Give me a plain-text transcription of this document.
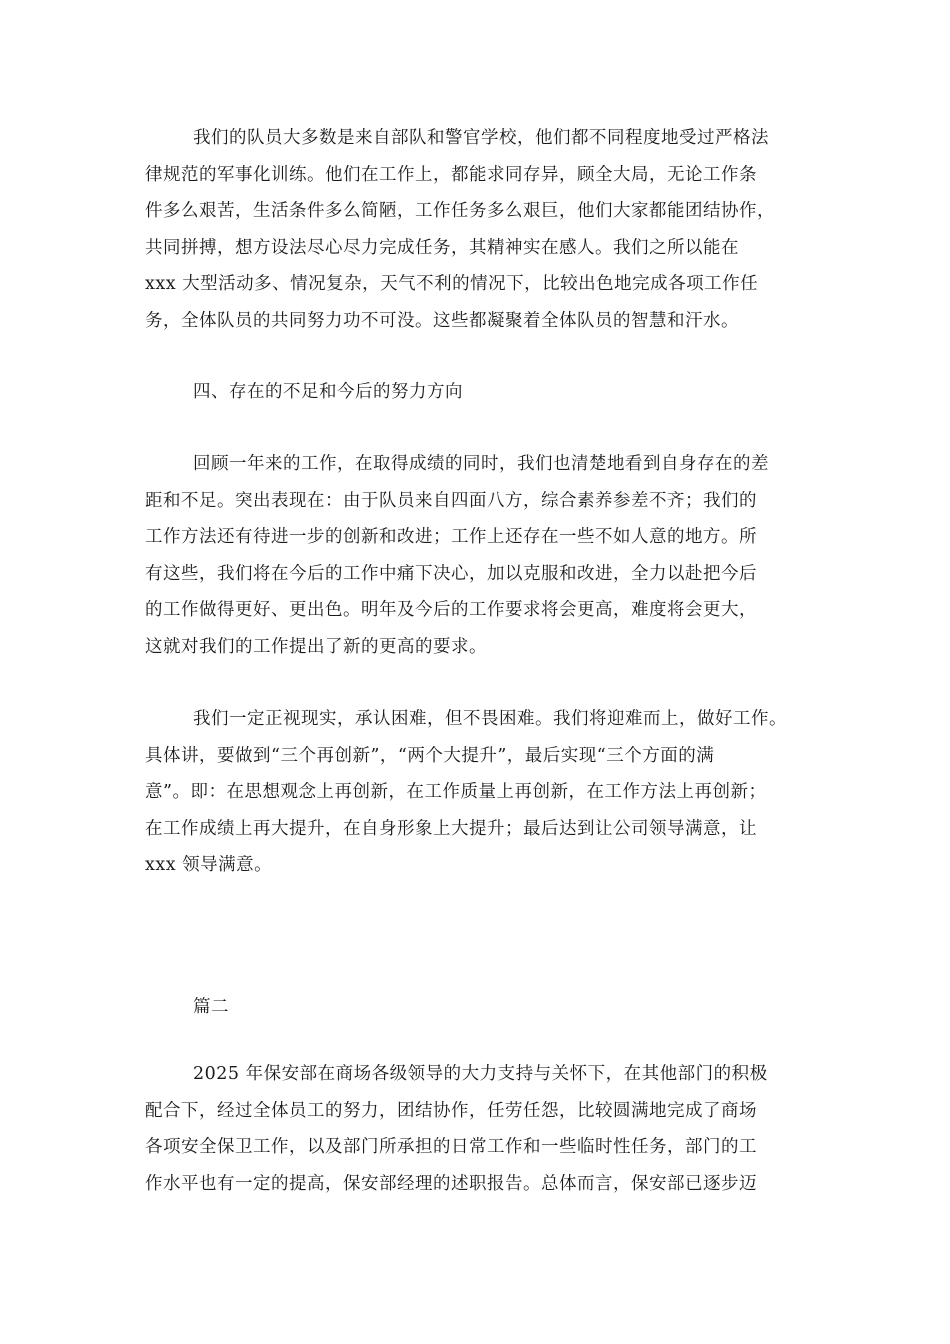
我们的队员大多数是来自部队和警官学校，他们都不同程度地受过严格法
律规范的军事化训练。他们在工作上，都能求同存异，顾全大局，无论工作条
件多么艰苦，生活条件多么简陋，工作任务多么艰巨，他们大家都能团结协作，
共同拼搏，想方设法尽心尽力完成任务，其精神实在感人。我们之所以能在
xxx 大型活动多、情况复杂，天气不利的情况下，比较出色地完成各项工作任
务，全体队员的共同努力功不可没。这些都凝聚着全体队员的智慧和汗水。
四、存在的不足和今后的努力方向
回顾一年来的工作，在取得成绩的同时，我们也清楚地看到自身存在的差
距和不足。突出表现在：由于队员来自四面八方，综合素养参差不齐；我们的
工作方法还有待进一步的创新和改进；工作上还存在一些不如人意的地方。所
有这些，我们将在今后的工作中痛下决心，加以克服和改进，全力以赴把今后
的工作做得更好、更出色。明年及今后的工作要求将会更高，难度将会更大，
这就对我们的工作提出了新的更高的要求。
我们一定正视现实，承认困难，但不畏困难。我们将迎难而上，做好工作。
具体讲，要做到“三个再创新”，“两个大提升”，最后实现“三个方面的满
意”。即：在思想观念上再创新，在工作质量上再创新，在工作方法上再创新；
在工作成绩上再大提升，在自身形象上大提升；最后达到让公司领导满意，让
xxx 领导满意。
篇二
2025 年保安部在商场各级领导的大力支持与关怀下，在其他部门的积极
配合下，经过全体员工的努力，团结协作，任劳任怨，比较圆满地完成了商场
各项安全保卫工作，以及部门所承担的日常工作和一些临时性任务，部门的工
作水平也有一定的提高，保安部经理的述职报告。总体而言，保安部已逐步迈
